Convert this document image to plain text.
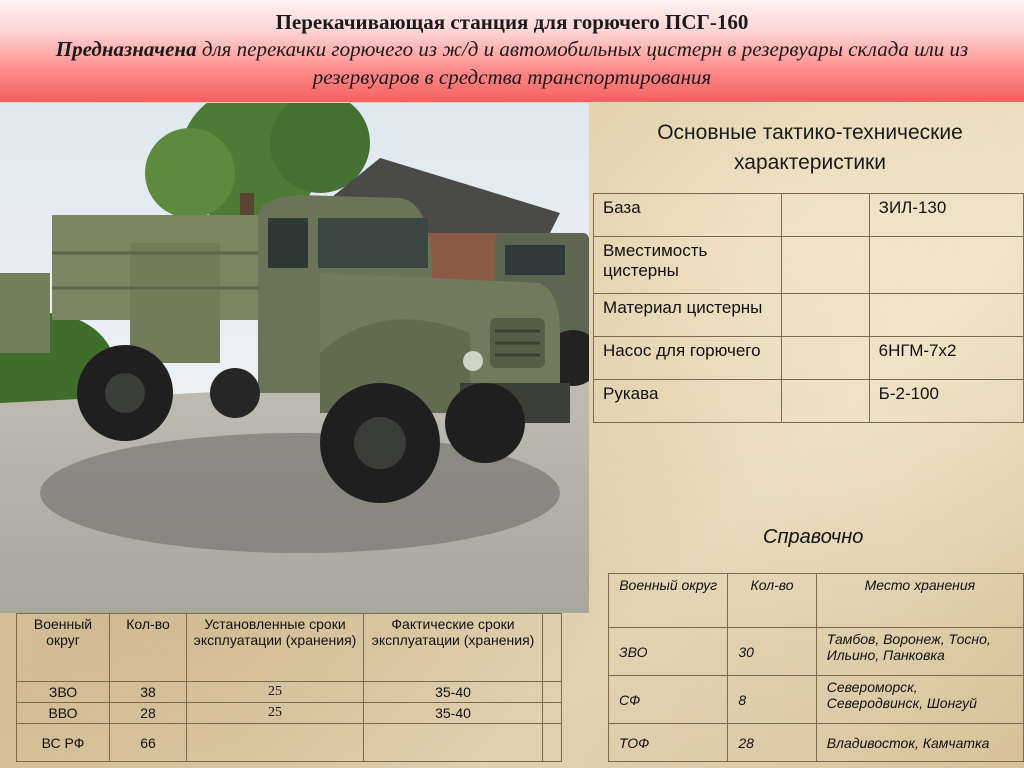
Перекачивающая станция для горючего ПСГ-160
Предназначена для перекачки горючего из ж/д и автомобильных цистерн в резервуары склада или из резервуаров в средства транспортирования
Основные тактико-технические характеристики
База		ЗИЛ-130
Вместимость цистерны		
Материал цистерны		
Насос для горючего		6НГМ-7х2
Рукава		Б-2-100
Справочно
Военный округ	Кол-во	Место хранения
ЗВО	30	Тамбов, Воронеж, Тосно, Ильино, Панковка
СФ	8	Североморск, Северодвинск, Шонгуй
ТОФ	28	Владивосток, Камчатка
Военный округ	Кол-во	Установленные сроки эксплуатации (хранения)	Фактические сроки эксплуатации (хранения)	
ЗВО	38	25	35-40	
ВВО	28	25	35-40	
ВС РФ	66			
